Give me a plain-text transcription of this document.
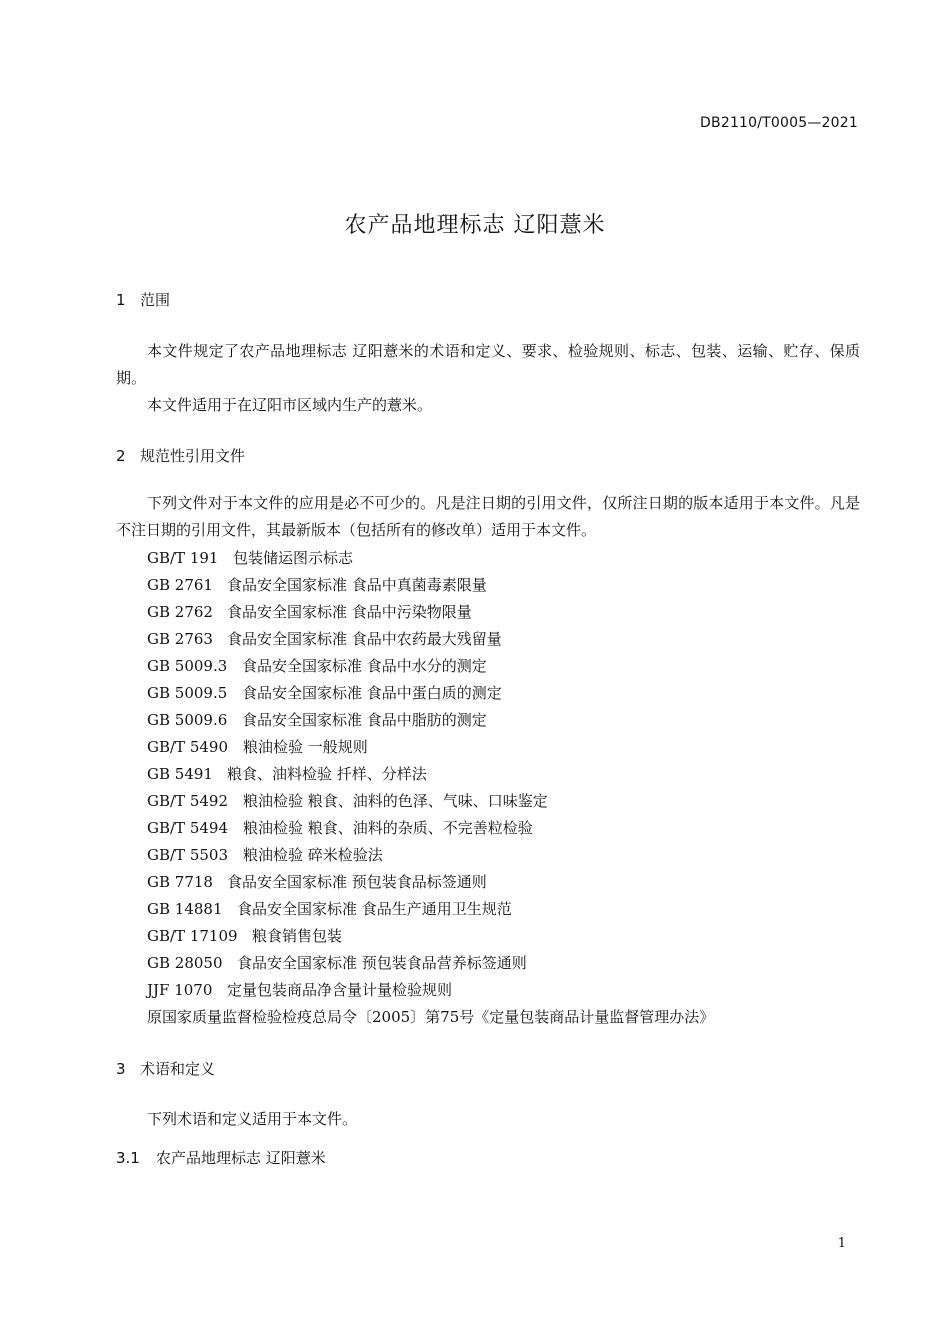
DB2110/T0005—2021
农产品地理标志 辽阳薏米
1 范围
本文件规定了农产品地理标志 辽阳薏米的术语和定义、要求、检验规则、标志、包装、运输、贮存、保质期。
本文件适用于在辽阳市区域内生产的薏米。
2 规范性引用文件
下列文件对于本文件的应用是必不可少的。凡是注日期的引用文件，仅所注日期的版本适用于本文件。凡是不注日期的引用文件，其最新版本（包括所有的修改单）适用于本文件。
GB/T 191 包装储运图示标志
GB 2761 食品安全国家标准 食品中真菌毒素限量
GB 2762 食品安全国家标准 食品中污染物限量
GB 2763 食品安全国家标准 食品中农药最大残留量
GB 5009.3 食品安全国家标准 食品中水分的测定
GB 5009.5 食品安全国家标准 食品中蛋白质的测定
GB 5009.6 食品安全国家标准 食品中脂肪的测定
GB/T 5490 粮油检验 一般规则
GB 5491 粮食、油料检验 扦样、分样法
GB/T 5492 粮油检验 粮食、油料的色泽、气味、口味鉴定
GB/T 5494 粮油检验 粮食、油料的杂质、不完善粒检验
GB/T 5503 粮油检验 碎米检验法
GB 7718 食品安全国家标准 预包装食品标签通则
GB 14881 食品安全国家标准 食品生产通用卫生规范
GB/T 17109 粮食销售包装
GB 28050 食品安全国家标准 预包装食品营养标签通则
JJF 1070 定量包装商品净含量计量检验规则
原国家质量监督检验检疫总局令〔2005〕第75号《定量包装商品计量监督管理办法》
3 术语和定义
下列术语和定义适用于本文件。
3.1 农产品地理标志 辽阳薏米
1
